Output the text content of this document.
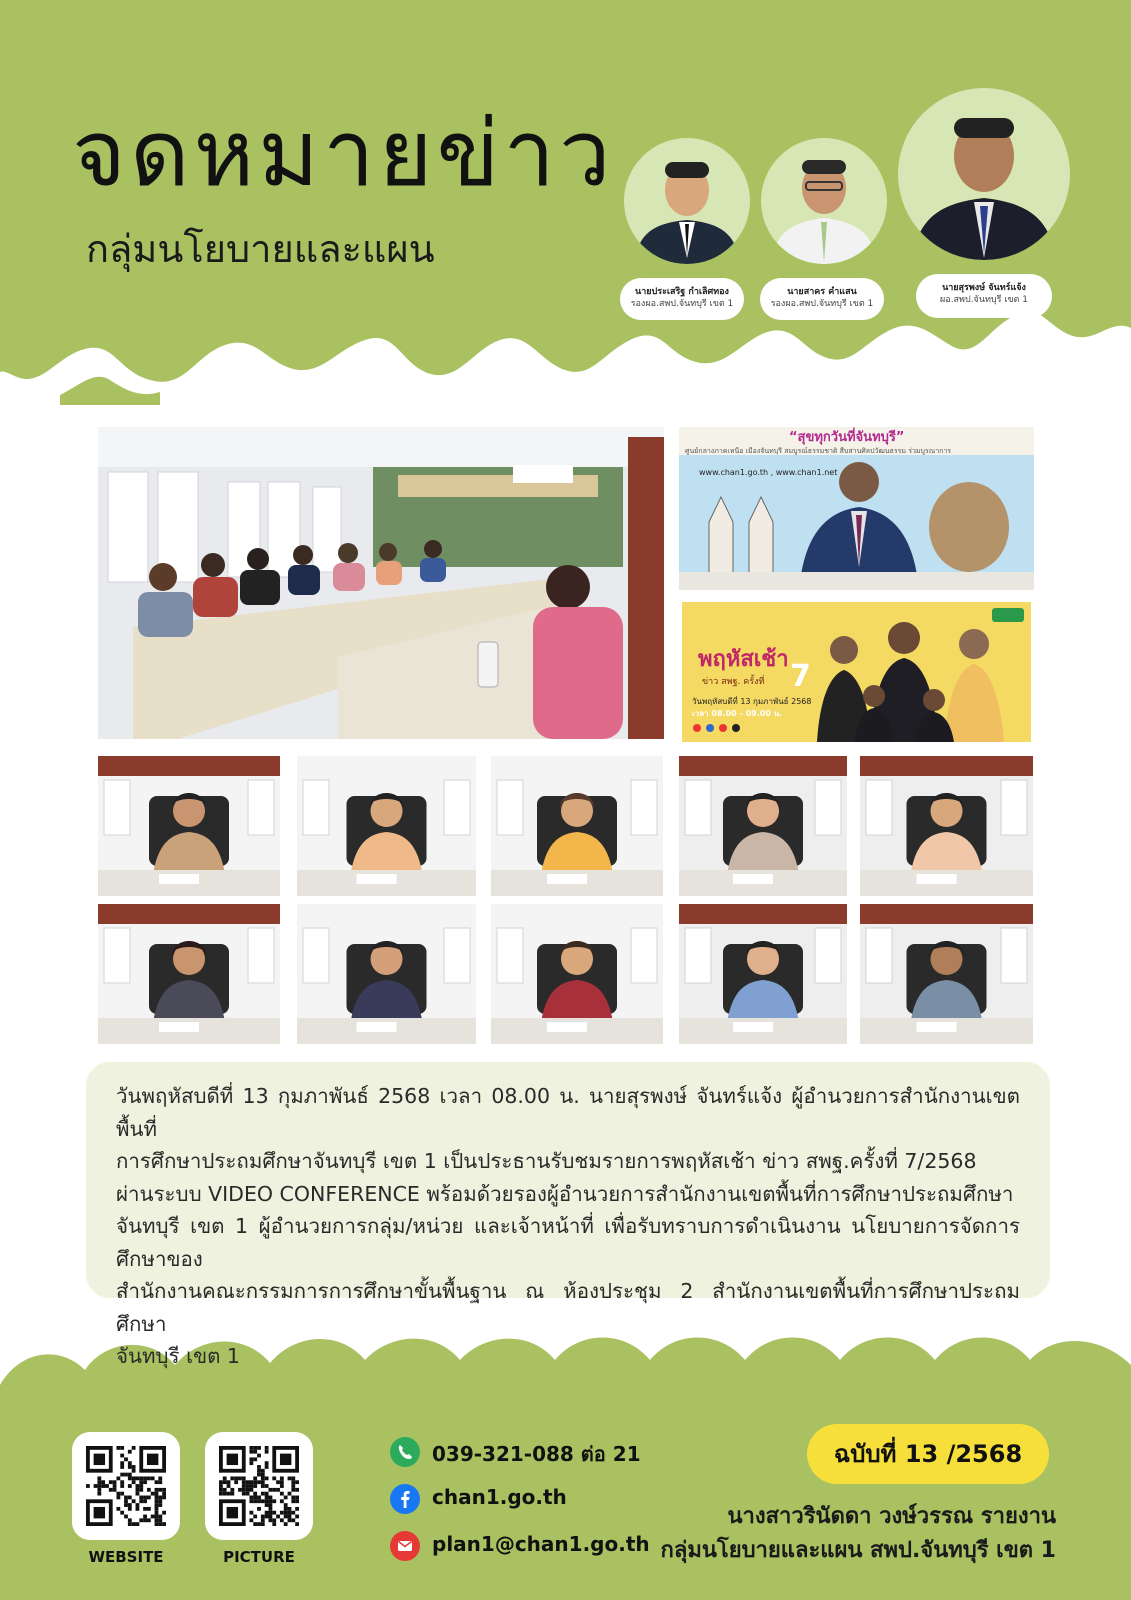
จดหมายข่าว
กลุ่มนโยบายและแผน
นายประเสริฐ กำเลิศทอง
รองผอ.สพป.จันทบุรี เขต 1
นายสาคร คำแสน
รองผอ.สพป.จันทบุรี เขต 1
นายสุรพงษ์ จันทร์แจ้ง
ผอ.สพป.จันทบุรี เขต 1
“สุขทุกวันที่จันทบุรี”
ศูนย์กลางภาคเหนือ เมืองจันทบุรี สมบูรณ์ธรรมชาติ สืบสานศิลปวัฒนธรรม ร่วมบูรณาการ
www.chan1.go.th , www.chan1.net
พฤหัสเช้า
ข่าว สพฐ. ครั้งที่ 7
วันพฤหัสบดีที่ 13 กุมภาพันธ์ 2568
เวลา 08.00 - 09.00 น.

วันพฤหัสบดีที่ 13 กุมภาพันธ์ 2568 เวลา 08.00 น. นายสุรพงษ์ จันทร์แจ้ง ผู้อำนวยการสำนักงานเขตพื้นที่

การศึกษาประถมศึกษาจันทบุรี เขต 1 เป็นประธานรับชมรายการพฤหัสเช้า ข่าว สพฐ.ครั้งที่ 7/2568

ผ่านระบบ VIDEO CONFERENCE พร้อมด้วยรองผู้อำนวยการสำนักงานเขตพื้นที่การศึกษาประถมศึกษา

จันทบุรี เขต 1 ผู้อำนวยการกลุ่ม/หน่วย และเจ้าหน้าที่ เพื่อรับทราบการดำเนินงาน นโยบายการจัดการศึกษาของ

สำนักงานคณะกรรมการการศึกษาขั้นพื้นฐาน ณ ห้องประชุม 2 สำนักงานเขตพื้นที่การศึกษาประถมศึกษา

จันทบุรี เขต 1

WEBSITE	PICTURE
039-321-088 ต่อ 21
chan1.go.th
plan1@chan1.go.th
ฉบับที่ 13 /2568
นางสาวรินัดดา วงษ์วรรณ รายงาน
กลุ่มนโยบายและแผน สพป.จันทบุรี เขต 1
